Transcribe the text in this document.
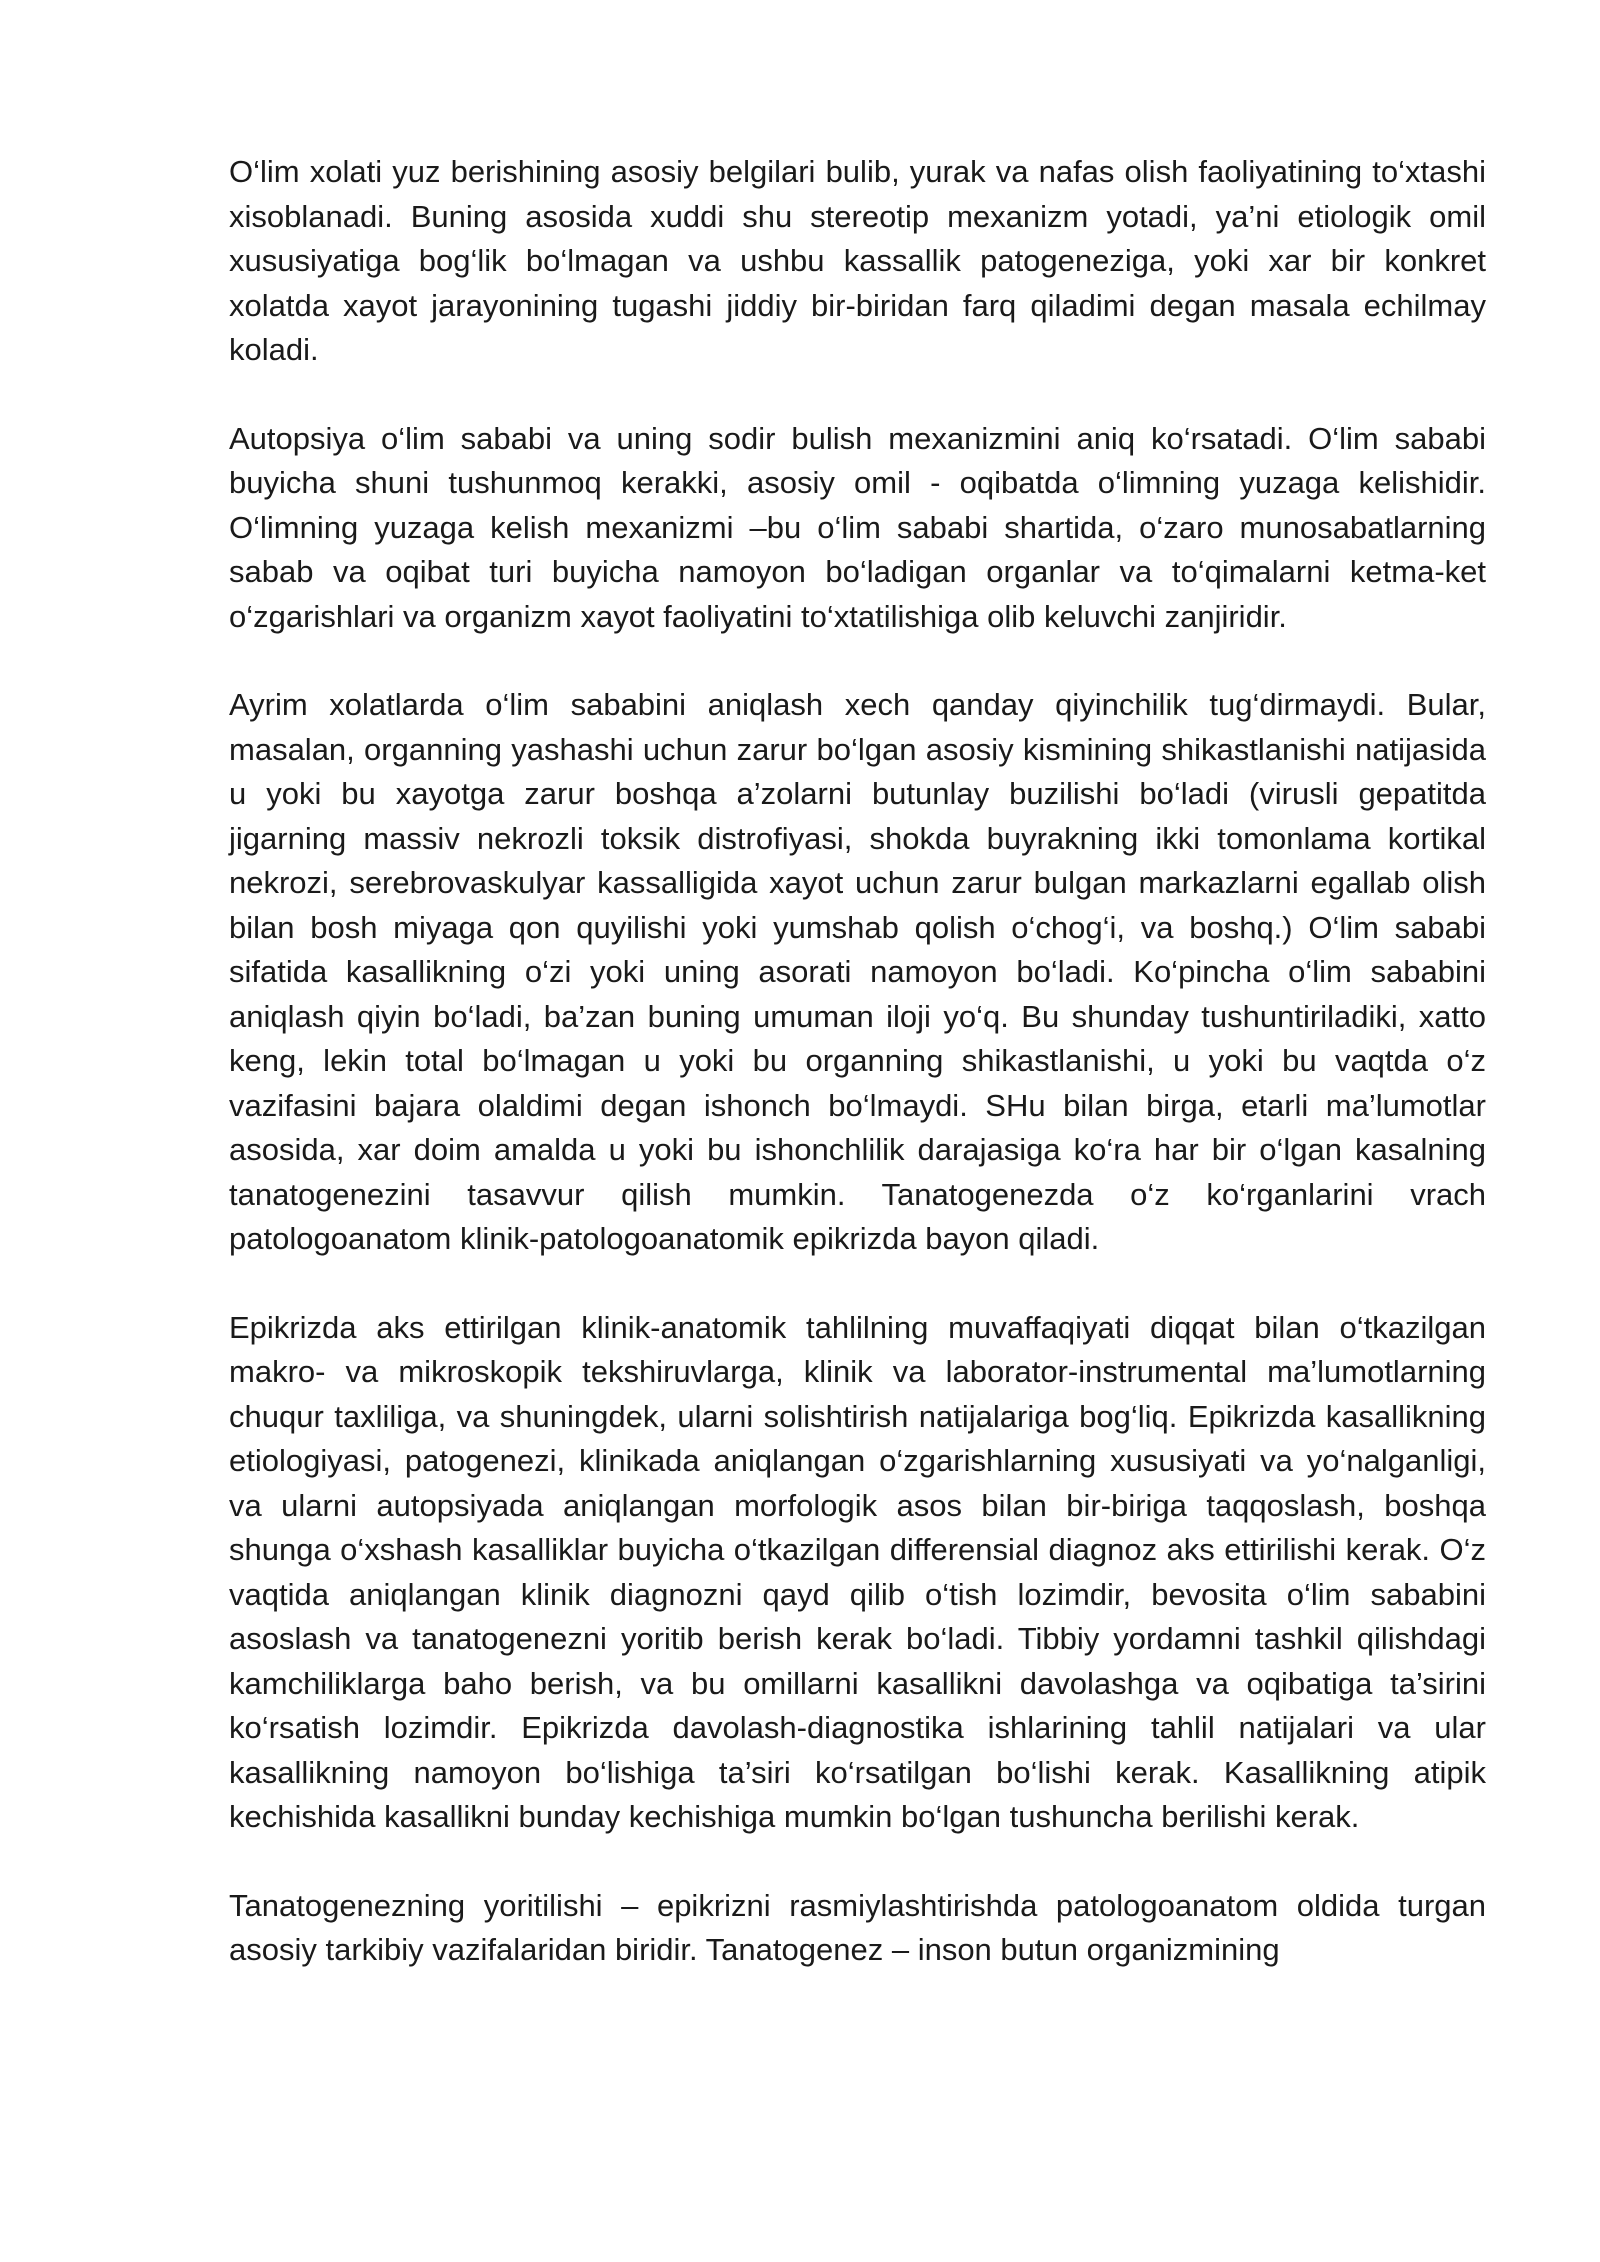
O‘lim xolati yuz berishining asosiy belgilari bulib, yurak va nafas olish faoliyatining to‘xtashi xisoblanadi. Buning asosida xuddi shu stereotip mexanizm yotadi, ya’ni etiologik omil xususiyatiga bog‘lik bo‘lmagan va ushbu kassallik patogeneziga, yoki xar bir konkret xolatda xayot jarayonining tugashi jiddiy bir-biridan farq qiladimi degan masala echilmay koladi.

Autopsiya o‘lim sababi va uning sodir bulish mexanizmini aniq ko‘rsatadi. O‘lim sababi buyicha shuni tushunmoq kerakki, asosiy omil - oqibatda o‘limning yuzaga kelishidir. O‘limning yuzaga kelish mexanizmi –bu o‘lim sababi shartida, o‘zaro munosabatlarning sabab va oqibat turi buyicha namoyon bo‘ladigan organlar va to‘qimalarni ketma-ket o‘zgarishlari va organizm xayot faoliyatini to‘xtatilishiga olib keluvchi zanjiridir.

Ayrim xolatlarda o‘lim sababini aniqlash xech qanday qiyinchilik tug‘dirmaydi. Bular, masalan, organning yashashi uchun zarur bo‘lgan asosiy kismining shikastlanishi natijasida u yoki bu xayotga zarur boshqa a’zolarni butunlay buzilishi bo‘ladi (virusli gepatitda jigarning massiv nekrozli toksik distrofiyasi, shokda buyrakning ikki tomonlama kortikal nekrozi, serebrovaskulyar kassalligida xayot uchun zarur bulgan markazlarni egallab olish bilan bosh miyaga qon quyilishi yoki yumshab qolish o‘chog‘i, va boshq.) O‘lim sababi sifatida kasallikning o‘zi yoki uning asorati namoyon bo‘ladi. Ko‘pincha o‘lim sababini aniqlash qiyin bo‘ladi, ba’zan buning umuman iloji yo‘q. Bu shunday tushuntiriladiki, xatto keng, lekin total bo‘lmagan u yoki bu organning shikastlanishi, u yoki bu vaqtda o‘z vazifasini bajara olaldimi degan ishonch bo‘lmaydi. SHu bilan birga, etarli ma’lumotlar asosida, xar doim amalda u yoki bu ishonchlilik darajasiga ko‘ra har bir o‘lgan kasalning tanatogenezini tasavvur qilish mumkin. Tanatogenezda o‘z ko‘rganlarini vrach patologoanatom klinik-patologoanatomik epikrizda bayon qiladi.

Epikrizda aks ettirilgan klinik-anatomik tahlilning muvaffaqiyati diqqat bilan o‘tkazilgan makro- va mikroskopik tekshiruvlarga, klinik va laborator-instrumental ma’lumotlarning chuqur taxliliga, va shuningdek, ularni solishtirish natijalariga bog‘liq. Epikrizda kasallikning etiologiyasi, patogenezi, klinikada aniqlangan o‘zgarishlarning xususiyati va yo‘nalganligi, va ularni autopsiyada aniqlangan morfologik asos bilan bir-biriga taqqoslash, boshqa shunga o‘xshash kasalliklar buyicha o‘tkazilgan differensial diagnoz aks ettirilishi kerak. O‘z vaqtida aniqlangan klinik diagnozni qayd qilib o‘tish lozimdir, bevosita o‘lim sababini asoslash va tanatogenezni yoritib berish kerak bo‘ladi. Tibbiy yordamni tashkil qilishdagi kamchiliklarga baho berish, va bu omillarni kasallikni davolashga va oqibatiga ta’sirini ko‘rsatish lozimdir. Epikrizda davolash-diagnostika ishlarining tahlil natijalari va ular kasallikning namoyon bo‘lishiga ta’siri ko‘rsatilgan bo‘lishi kerak. Kasallikning atipik kechishida kasallikni bunday kechishiga mumkin bo‘lgan tushuncha berilishi kerak.

Tanatogenezning yoritilishi – epikrizni rasmiylashtirishda patologoanatom oldida turgan asosiy tarkibiy vazifalaridan biridir. Tanatogenez – inson butun organizmining
